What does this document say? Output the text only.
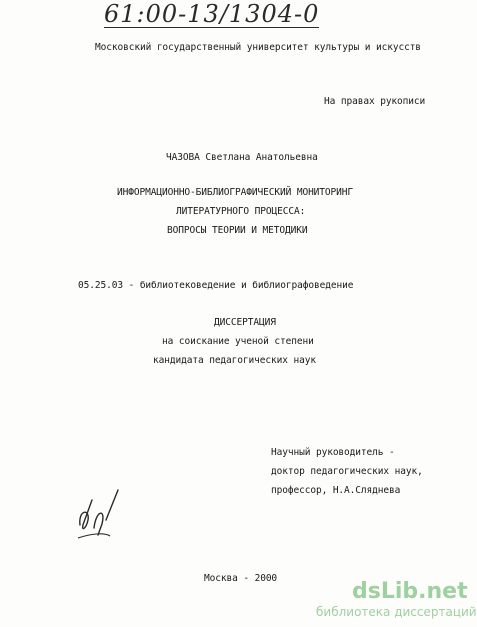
61:00-13/1304-0
Московский государственный университет культуры и искусств
На правах рукописи
ЧАЗОВА Светлана Анатольевна
ИНФОРМАЦИОННО-БИБЛИОГРАФИЧЕСКИЙ МОНИТОРИНГ
ЛИТЕРАТУРНОГО ПРОЦЕССА:
ВОПРОСЫ ТЕОРИИ И МЕТОДИКИ
05.25.03 - библиотековедение и библиографоведение
ДИССЕРТАЦИЯ
на соискание ученой степени
кандидата педагогических наук
Научный руководитель -
доктор педагогических наук,
профессор, Н.А.Сляднева
Москва - 2000
dsLib.net
библиотека диссертаций
